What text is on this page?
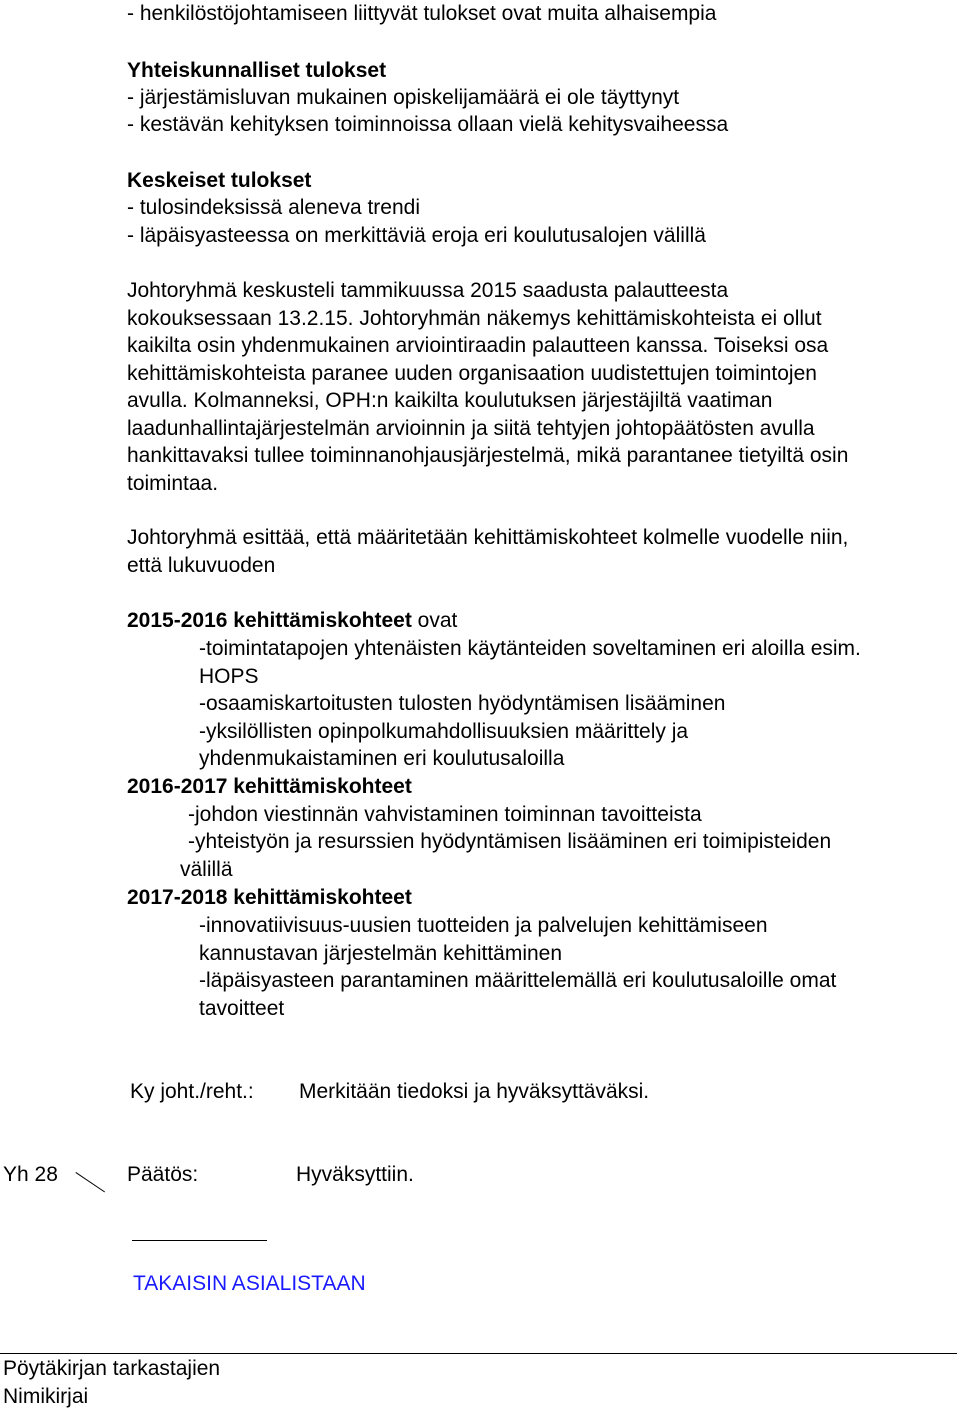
- henkilöstöjohtamiseen liittyvät tulokset ovat muita alhaisempia
Yhteiskunnalliset tulokset
- järjestämisluvan mukainen opiskelijamäärä ei ole täyttynyt
- kestävän kehityksen toiminnoissa ollaan vielä kehitysvaiheessa
Keskeiset tulokset
- tulosindeksissä aleneva trendi
- läpäisyasteessa on merkittäviä eroja eri koulutusalojen välillä
Johtoryhmä keskusteli tammikuussa 2015 saadusta palautteesta
kokouksessaan 13.2.15. Johtoryhmän näkemys kehittämiskohteista ei ollut
kaikilta osin yhdenmukainen arviointiraadin palautteen kanssa. Toiseksi osa
kehittämiskohteista paranee uuden organisaation uudistettujen toimintojen
avulla. Kolmanneksi, OPH:n kaikilta koulutuksen järjestäjiltä vaatiman
laadunhallintajärjestelmän arvioinnin ja siitä tehtyjen johtopäätösten avulla
hankittavaksi tullee toiminnanohjausjärjestelmä, mikä parantanee tietyiltä osin
toimintaa.
Johtoryhmä esittää, että määritetään kehittämiskohteet kolmelle vuodelle niin,
että lukuvuoden
2015-2016 kehittämiskohteet ovat
-toimintatapojen yhtenäisten käytänteiden soveltaminen eri aloilla esim.
HOPS
-osaamiskartoitusten tulosten hyödyntämisen lisääminen
-yksilöllisten opinpolkumahdollisuuksien määrittely ja
yhdenmukaistaminen eri koulutusaloilla
2016-2017 kehittämiskohteet
-johdon viestinnän vahvistaminen toiminnan tavoitteista
-yhteistyön ja resurssien hyödyntämisen lisääminen eri toimipisteiden
välillä
2017-2018 kehittämiskohteet
-innovatiivisuus-uusien tuotteiden ja palvelujen kehittämiseen
kannustavan järjestelmän kehittäminen
-läpäisyasteen parantaminen määrittelemällä eri koulutusaloille omat
tavoitteet
Ky joht./reht.: Merkitään tiedoksi ja hyväksyttäväksi.
Yh 28	Päätös:	Hyväksyttiin.
TAKAISIN ASIALISTAAN
Pöytäkirjan tarkastajien
Nimikirjai
